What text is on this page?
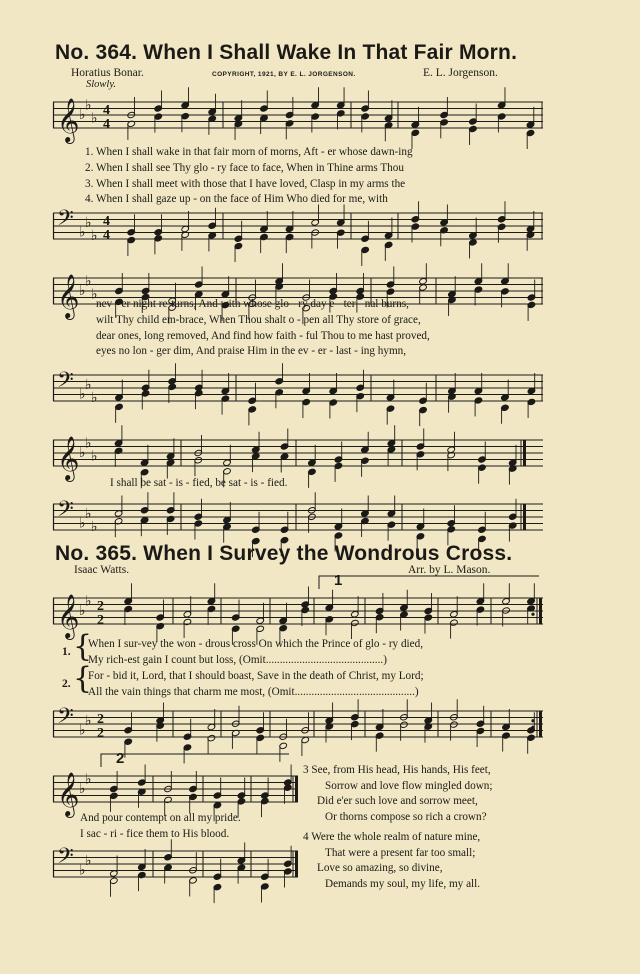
No. 364. When I Shall Wake In That Fair Morn.
Horatius Bonar.	COPYRIGHT, 1921, BY E. L. JORGENSON.	E. L. Jorgenson.
Slowly.
𝄞 ♭
♭
♭ 4
4
1. When I shall wake in that fair morn of morns, Aft - er whose dawn-ing
2. When I shall see Thy glo - ry face to face, When in Thine arms Thou
3. When I shall meet with those that I have loved, Clasp in my arms the
4. When I shall gaze up - on the face of Him Who died for me, with
𝄢 ♭
♭
♭
4
4
𝄞 ♭
♭
♭
nev - er night re-turns, And with whose glo - ry day e - ter - nal burns,
wilt Thy child em-brace, When Thou shalt o - pen all Thy store of grace,
dear ones, long removed, And find how faith - ful Thou to me hast proved,
eyes no lon - ger dim, And praise Him in the ev - er - last - ing hymn,
𝄢 ♭
♭
♭
𝄞 ♭
♭
♭
I shall be sat - is - fied, be sat - is - fied.
𝄢 ♭
♭
♭
No. 365. When I Survey the Wondrous Cross.
Isaac Watts.	Arr. by L. Mason.
1
𝄞 ♭
♭ 2
2
1. {
2. {
When I sur-vey the won - drous cross On which the Prince of glo - ry died,
My rich-est gain I count but loss, (Omit..........................................)
For - bid it, Lord, that I should boast, Save in the death of Christ, my Lord;
All the vain things that charm me most, (Omit...........................................)
𝄢 ♭
♭ 2
2
2
𝄞 ♭
♭
And pour contempt on all my pride.
I sac - ri - fice them to His blood.
𝄢 ♭
♭
3 See, from His head, His hands, His feet,
Sorrow and love flow mingled down;
Did e'er such love and sorrow meet,
Or thorns compose so rich a crown?
4 Were the whole realm of nature mine,
That were a present far too small;
Love so amazing, so divine,
Demands my soul, my life, my all.
